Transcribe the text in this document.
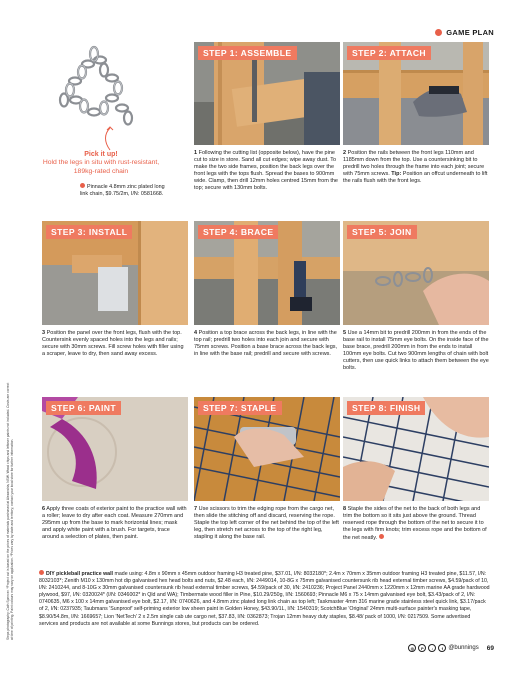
GAME PLAN
Pick it up!
Hold the legs in situ with rust-resistant, 189kg-rated chain
Pinnacle 4.8mm zinc plated long link chain, $9.75/2m, I/N: 0581668.
STEP 1: ASSEMBLE	STEP 2: ATTACH
1 Following the cutting list (opposite below), have the pine cut to size in store. Sand all cut edges; wipe away dust. To make the two side frames, position the back legs over the front legs with the tops flush. Spread the bases to 900mm wide. Clamp, then drill 12mm holes centred 15mm from the top; secure with 130mm bolts.
2 Position the rails between the front legs 110mm and 1185mm down from the top. Use a countersinking bit to predrill two holes through the frame into each joint; secure with 75mm screws. Tip: Position an offcut underneath to lift the rails flush with the front legs.
STEP 3: INSTALL	STEP 4: BRACE	STEP 5: JOIN
3 Position the panel over the front legs, flush with the top. Countersink evenly spaced holes into the legs and rails; secure with 30mm screws. Fill screw holes with filler using a scraper, leave to dry, then sand away excess.
4 Position a top brace across the back legs, in line with the top rail; predrill two holes into each join and secure with 75mm screws. Position a base brace across the back legs, in line with the base rail; predrill and secure with screws.
5 Use a 14mm bit to predrill 200mm in from the ends of the base rail to install 75mm eye bolts. On the inside face of the base brace, predrill 200mm in from the ends to install 100mm eye bolts. Cut two 900mm lengths of chain with bolt cutters, then use quick links to attach them between the eye bolts.
STEP 6: PAINT	STEP 7: STAPLE	STEP 8: FINISH
6 Apply three coats of exterior paint to the practice wall with a roller; leave to dry after each coat. Measure 270mm and 295mm up from the base to mark horizontal lines; mask and apply white paint with a brush. For targets, trace around a selection of plates, then paint.
7 Use scissors to trim the edging rope from the cargo net, then slide the stitching off and discard, reserving the rope. Staple the top left corner of the net behind the top of the left leg, then stretch net across to the top of the right leg, stapling it along the base rail.
8 Staple the sides of the net to the back of both legs and trim the bottom so it sits just above the ground. Thread reserved rope through the bottom of the net to secure it to the legs with firm knots; trim excess rope and the bottom of the net neatly.
Steps photography: Cath Spencer. *Project cut is based on the prices of materials purchased at Alexandria, NSW. Wood chips and leftover paints not included. Costs are correct at time of printing. Paint colours may vary on application. *Prices vary by state and territory; contact your local store for further information.	DIY pickleball practice wall made using: 4.8m x 90mm x 45mm outdoor framing H3 treated pine, $37.01, I/N: 8032180*; 2.4m x 70mm x 35mm outdoor framing H3 treated pine, $11.57, I/N: 8032103*; Zenith M10 x 130mm hot dip galvanised hex head bolts and nuts, $2.48 each, I/N: 2449014, 10-8G x 75mm galvanised countersunk rib head external timber screws, $4.59/pack of 10, I/N: 2410244, and 8-10G x 30mm galvanised countersunk rib head external timber screws, $4.59/pack of 30, I/N: 2410236; Project Panel 2440mm x 1220mm x 12mm marine AA grade hardwood plywood, $97, I/N: 0320024* (I/N: 0346002* in Qld and WA); Timbermate wood filler in Pine, $10.29/250g, I/N: 1560693; Pinnacle M6 x 75 x 14mm galvanised eye bolt, $3.43/pack of 2, I/N: 0740635, M6 x 100 x 14mm galvanised eye bolt, $2.17, I/N: 0740626, and 4.8mm zinc plated long link chain as top left; Taskmaster 4mm 316 marine grade stainless steel quick link, $3.17/pack of 2, I/N: 0237935; Taubmans 'Sunproof' self-priming exterior low sheen paint in Golden Honey, $43.90/1L, I/N: 1540319; ScotchBlue 'Original' 24mm multi-surface painter's masking tape, $8.90/54.8m, I/N: 1669657; Lion 'NetTech' 2 x 2.5m single cab ute cargo net, $37.83, I/N: 0362873; Trojan 12mm heavy duty staples, $8.48/ pack of 1000, I/N: 0217509. Some advertised services and products are not available at some Bunnings stores, but products can be ordered.
◎	P	♪	f @bunnings 69
